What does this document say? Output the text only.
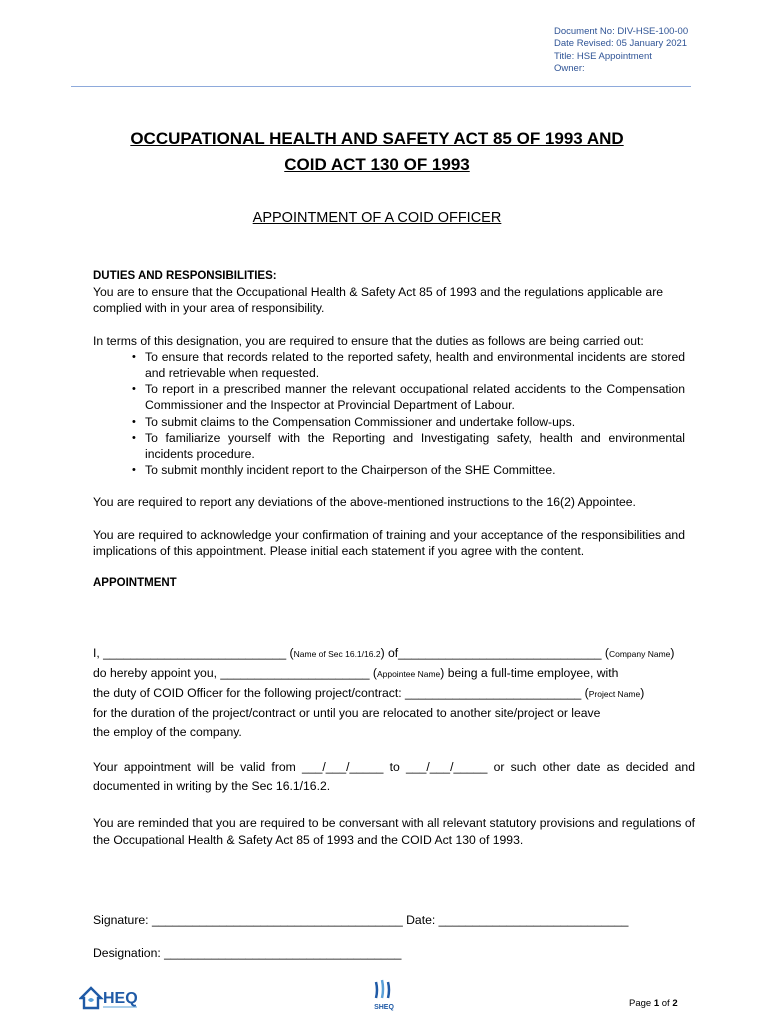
Document No: DIV-HSE-100-00
Date Revised: 05 January 2021
Title: HSE Appointment
Owner:
OCCUPATIONAL HEALTH AND SAFETY ACT 85 OF 1993 AND
COID ACT 130 OF 1993
APPOINTMENT OF A COID OFFICER

DUTIES AND RESPONSIBILITIES:

You are to ensure that the Occupational Health & Safety Act 85 of 1993 and the regulations applicable are complied with in your area of responsibility.

In terms of this designation, you are required to ensure that the duties as follows are being carried out:

• To ensure that records related to the reported safety, health and environmental incidents are stored and retrievable when requested.
• To report in a prescribed manner the relevant occupational related accidents to the Compensation Commissioner and the Inspector at Provincial Department of Labour.
• To submit claims to the Compensation Commissioner and undertake follow-ups.
• To familiarize yourself with the Reporting and Investigating safety, health and environmental incidents procedure.
• To submit monthly incident report to the Chairperson of the SHE Committee.

You are required to report any deviations of the above-mentioned instructions to the 16(2) Appointee.

You are required to acknowledge your confirmation of training and your acceptance of the responsibilities and implications of this appointment. Please initial each statement if you agree with the content.

APPOINTMENT

I, ___________________________ (Name of Sec 16.1/16.2) of______________________________ (Company Name)
do hereby appoint you, ______________________ (Appointee Name) being a full-time employee, with
the duty of COID Officer for the following project/contract: __________________________ (Project Name)
for the duration of the project/contract or until you are relocated to another site/project or leave
the employ of the company.
Your appointment will be valid from ___/___/_____ to ___/___/_____ or such other date as decided and documented in writing by the Sec 16.1/16.2.
You are reminded that you are required to be conversant with all relevant statutory provisions and regulations of the Occupational Health & Safety Act 85 of 1993 and the COID Act 130 of 1993.
Signature: _____________________________________ Date: ____________________________
Designation: ___________________________________
HEQ
SHEQ	Page 1 of 2
